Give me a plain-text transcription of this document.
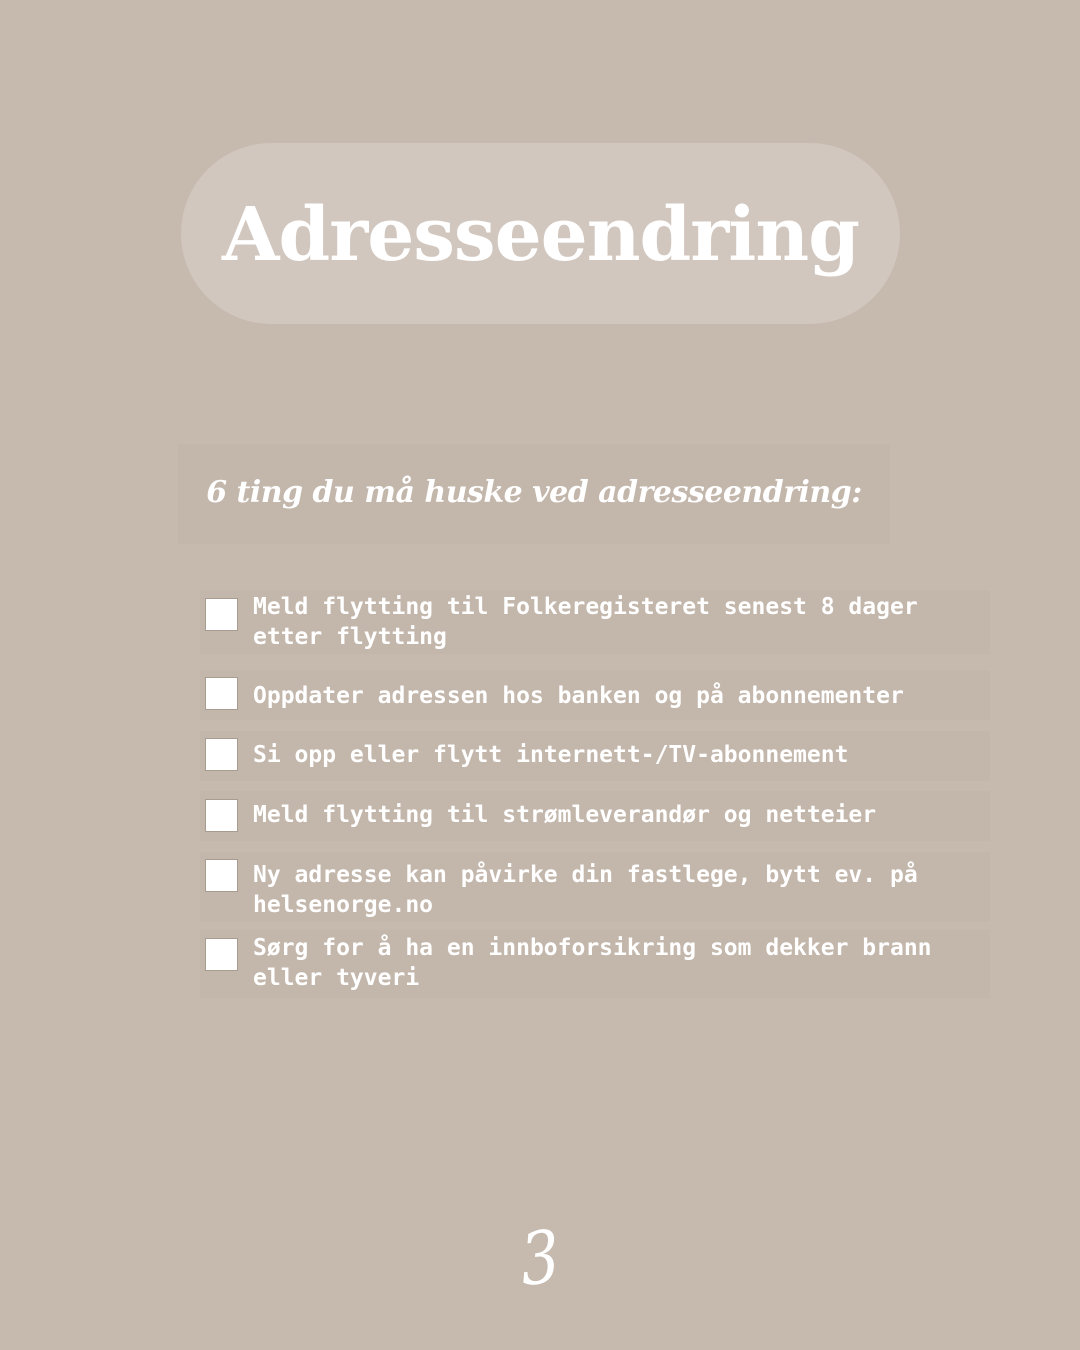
Adresseendring
6 ting du må huske ved adresseendring:
Meld flytting til Folkeregisteret senest 8 dager
etter flytting
Oppdater adressen hos banken og på abonnementer
Si opp eller flytt internett-/TV-abonnement
Meld flytting til strømleverandør og netteier
Ny adresse kan påvirke din fastlege, bytt ev. på
helsenorge.no
Sørg for å ha en innboforsikring som dekker brann
eller tyveri
3
